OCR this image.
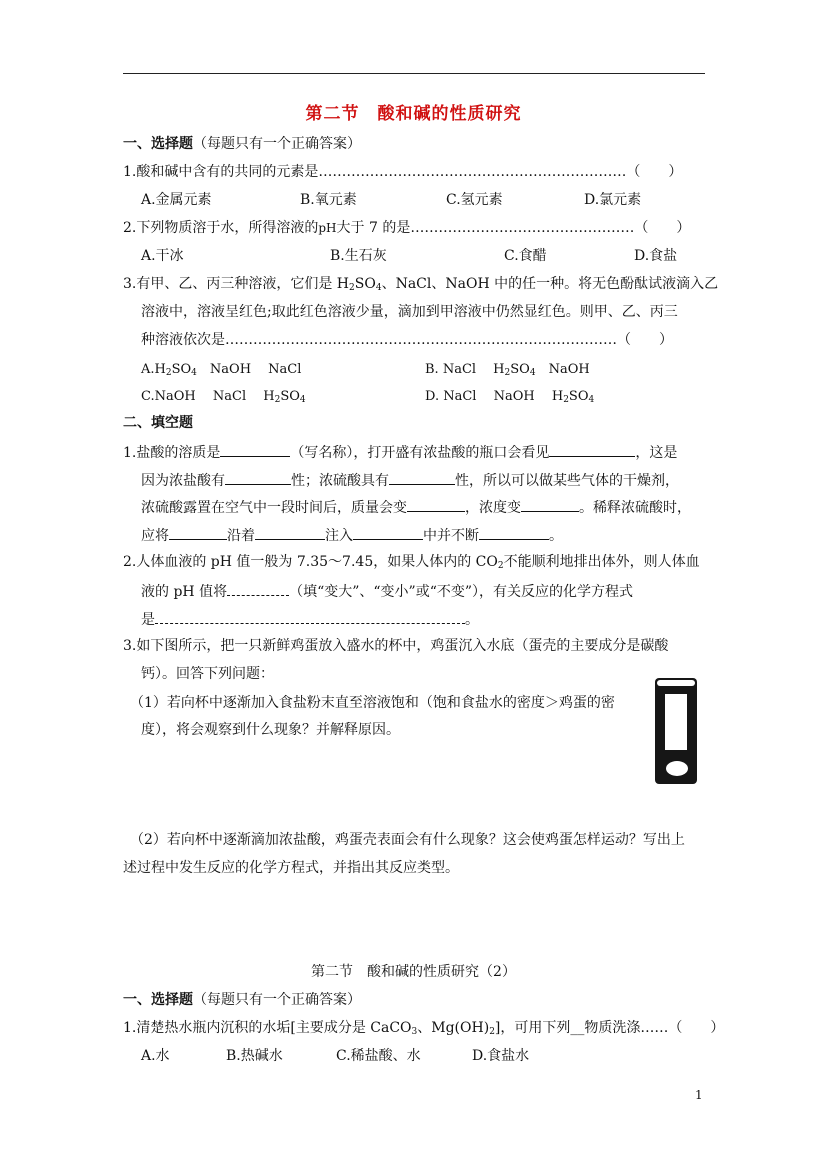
第二节　酸和碱的性质研究
一、选择题（每题只有一个正确答案）
1.酸和碱中含有的共同的元素是…………………………………………………………（　　）
A.金属元素	B.氧元素	C.氢元素	D.氯元素
2.下列物质溶于水，所得溶液的pH大于 7 的是…………………………………………（　　）
A.干冰	B.生石灰	C.食醋	D.食盐
3.有甲、乙、丙三种溶液，它们是 $H_2SO_4$、NaCl、NaOH 中的任一种。将无色酚酞试液滴入乙
溶液中，溶液呈红色;取此红色溶液少量，滴加到甲溶液中仍然显红色。则甲、乙、丙三
种溶液依次是…………………………………………………………………………（　　）
$A.H_2SO_4$　NaOH　 NaCl	B. NaCl　 $H_2SO_4$　NaOH
C.NaOH　 NaCl　 $H_2SO_4$	D. NaCl　 NaOH　 $H_2SO_4$
二、填空题
1.盐酸的溶质是	（写名称），打开盛有浓盐酸的瓶口会看见	，这是
因为浓盐酸有	性；浓硫酸具有	性，所以可以做某些气体的干燥剂，
浓硫酸露置在空气中一段时间后，质量会变	，浓度变	。稀释浓硫酸时，
应将	沿着	注入	中并不断	。
2.人体血液的 pH 值一般为 7.35～7.45，如果人体内的 $CO_2$不能顺利地排出体外，则人体血
液的 pH 值将	（填“变大”、“变小”或“不变”），有关反应的化学方程式
是	。
3.如下图所示，把一只新鲜鸡蛋放入盛水的杯中，鸡蛋沉入水底（蛋壳的主要成分是碳酸
钙）。回答下列问题：
（1）若向杯中逐渐加入食盐粉末直至溶液饱和（饱和食盐水的密度＞鸡蛋的密
度），将会观察到什么现象？并解释原因。
（2）若向杯中逐渐滴加浓盐酸，鸡蛋壳表面会有什么现象？这会使鸡蛋怎样运动？写出上
述过程中发生反应的化学方程式，并指出其反应类型。
第二节　酸和碱的性质研究（2）
一、选择题（每题只有一个正确答案）
1.清楚热水瓶内沉积的水垢[主要成分是 CaCO$_3$、$Mg(OH)_2$]，可用下列__物质洗涤……（　　）
A.水	B.热碱水	C.稀盐酸、水	D.食盐水
1
